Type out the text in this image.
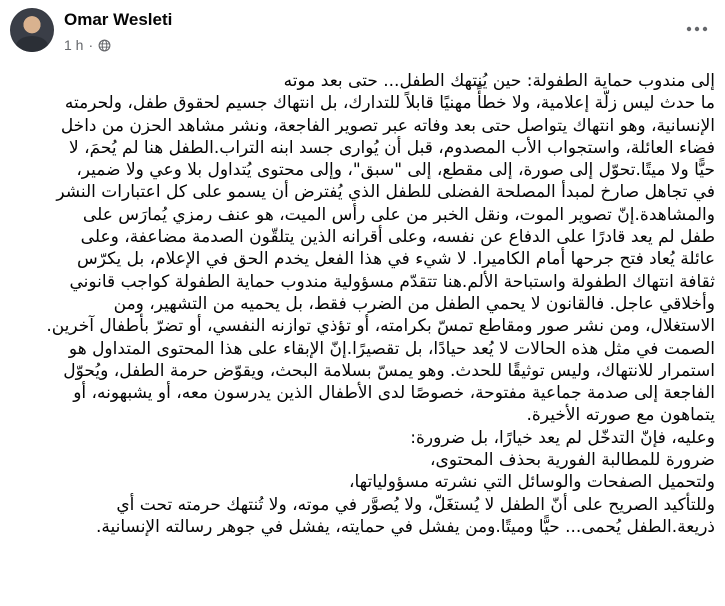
Omar Wesleti
1 h ·
إلى مندوب حماية الطفولة: حين يُنتهك الطفل... حتى بعد موته
ما حدث ليس زلّة إعلامية، ولا خطأً مهنيًا قابلاً للتدارك، بل انتهاك جسيم لحقوق طفل، ولحرمته
الإنسانية، وهو انتهاك يتواصل حتى بعد وفاته عبر تصوير الفاجعة، ونشر مشاهد الحزن من داخل
فضاء العائلة، واستجواب الأب المصدوم، قبل أن يُوارى جسد ابنه التراب.الطفل هنا لم يُحمَ، لا
حيًّا ولا ميتًا.تحوّل إلى صورة، إلى مقطع، إلى "سبق"، وإلى محتوى يُتداول بلا وعي ولا ضمير،
في تجاهل صارخ لمبدأ المصلحة الفضلى للطفل الذي يُفترض أن يسمو على كل اعتبارات النشر
والمشاهدة.إنّ تصوير الموت، ونقل الخبر من على رأس الميت، هو عنف رمزي يُمارَس على
طفل لم يعد قادرًا على الدفاع عن نفسه، وعلى أقرانه الذين يتلقّون الصدمة مضاعفة، وعلى
عائلة يُعاد فتح جرحها أمام الكاميرا. لا شيء في هذا الفعل يخدم الحق في الإعلام، بل يكرّس
ثقافة انتهاك الطفولة واستباحة الألم.هنا تتقدّم مسؤولية مندوب حماية الطفولة كواجب قانوني
وأخلاقي عاجل. فالقانون لا يحمي الطفل من الضرب فقط، بل يحميه من التشهير، ومن
الاستغلال، ومن نشر صور ومقاطع تمسّ بكرامته، أو تؤذي توازنه النفسي، أو تضرّ بأطفال آخرين.
الصمت في مثل هذه الحالات لا يُعد حيادًا، بل تقصيرًا.إنّ الإبقاء على هذا المحتوى المتداول هو
استمرار للانتهاك، وليس توثيقًا للحدث. وهو يمسّ بسلامة البحث، ويقوّض حرمة الطفل، ويُحوّل
الفاجعة إلى صدمة جماعية مفتوحة، خصوصًا لدى الأطفال الذين يدرسون معه، أو يشبهونه، أو
يتماهون مع صورته الأخيرة.
وعليه، فإنّ التدخّل لم يعد خيارًا، بل ضرورة:
ضرورة للمطالبة الفورية بحذف المحتوى،
ولتحميل الصفحات والوسائل التي نشرته مسؤولياتها،
وللتأكيد الصريح على أنّ الطفل لا يُستغَلّ، ولا يُصوَّر في موته، ولا تُنتهك حرمته تحت أي
ذريعة.الطفل يُحمى... حيًّا وميتًا.ومن يفشل في حمايته، يفشل في جوهر رسالته الإنسانية.
